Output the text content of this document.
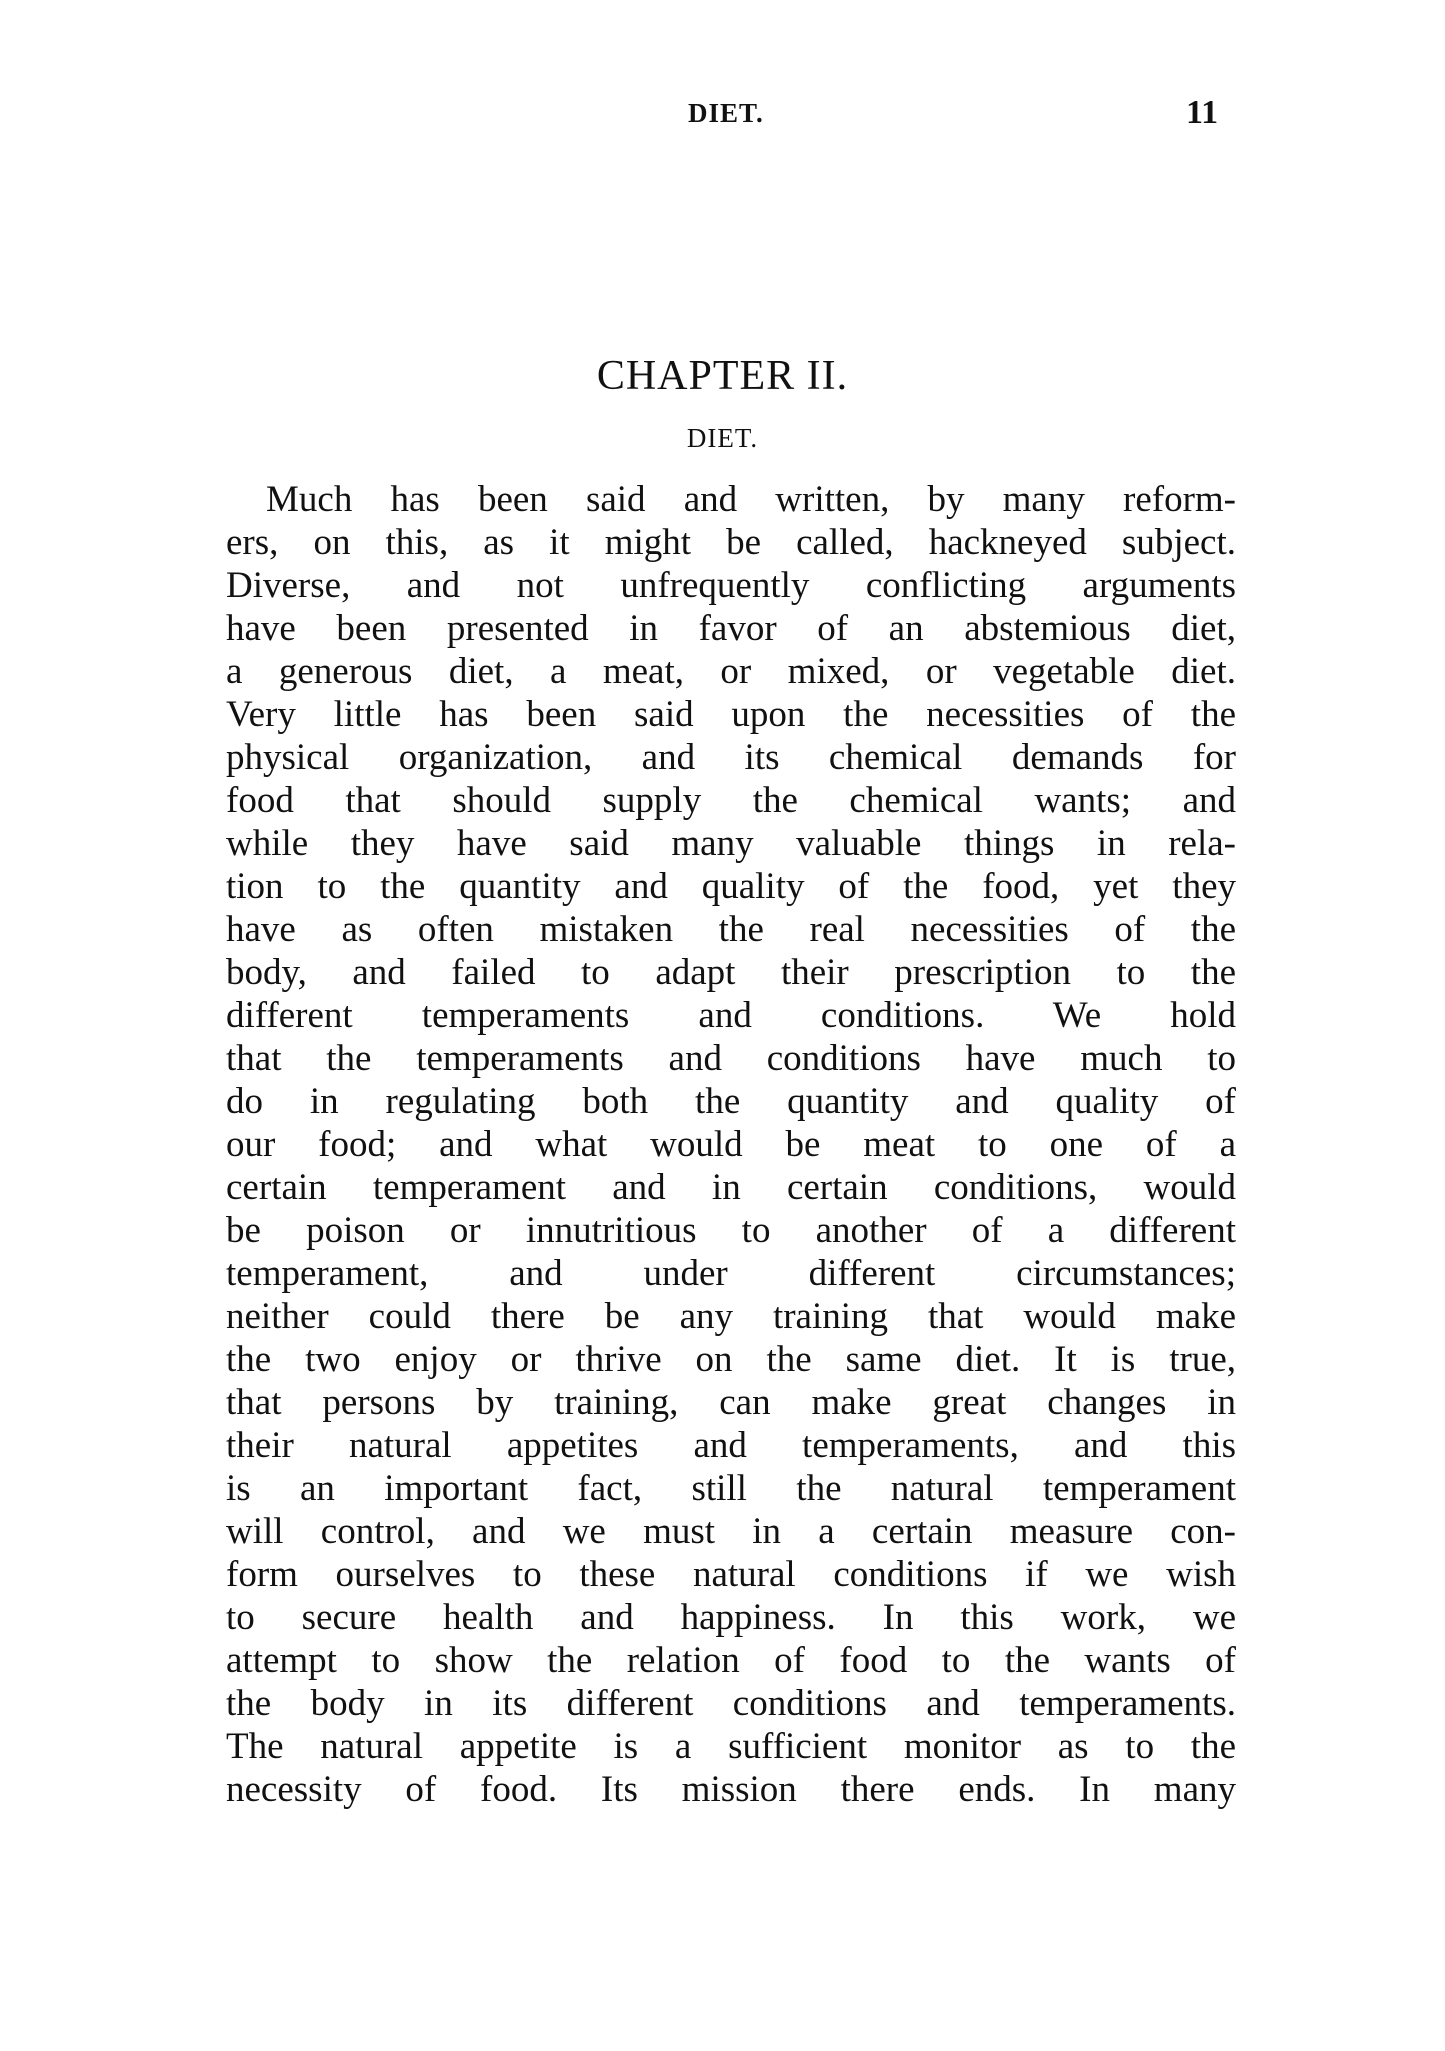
DIET.	11
CHAPTER II.
DIET.
Much has been said and written, by many reform-
ers, on this, as it might be called, hackneyed subject.
Diverse, and not unfrequently conflicting arguments
have been presented in favor of an abstemious diet,
a generous diet, a meat, or mixed, or vegetable diet.
Very little has been said upon the necessities of the
physical organization, and its chemical demands for
food that should supply the chemical wants; and
while they have said many valuable things in rela-
tion to the quantity and quality of the food, yet they
have as often mistaken the real necessities of the
body, and failed to adapt their prescription to the
different temperaments and conditions. We hold
that the temperaments and conditions have much to
do in regulating both the quantity and quality of
our food; and what would be meat to one of a
certain temperament and in certain conditions, would
be poison or innutritious to another of a different
temperament, and under different circumstances;
neither could there be any training that would make
the two enjoy or thrive on the same diet. It is true,
that persons by training, can make great changes in
their natural appetites and temperaments, and this
is an important fact, still the natural temperament
will control, and we must in a certain measure con-
form ourselves to these natural conditions if we wish
to secure health and happiness. In this work, we
attempt to show the relation of food to the wants of
the body in its different conditions and temperaments.
The natural appetite is a sufficient monitor as to the
necessity of food. Its mission there ends. In many
